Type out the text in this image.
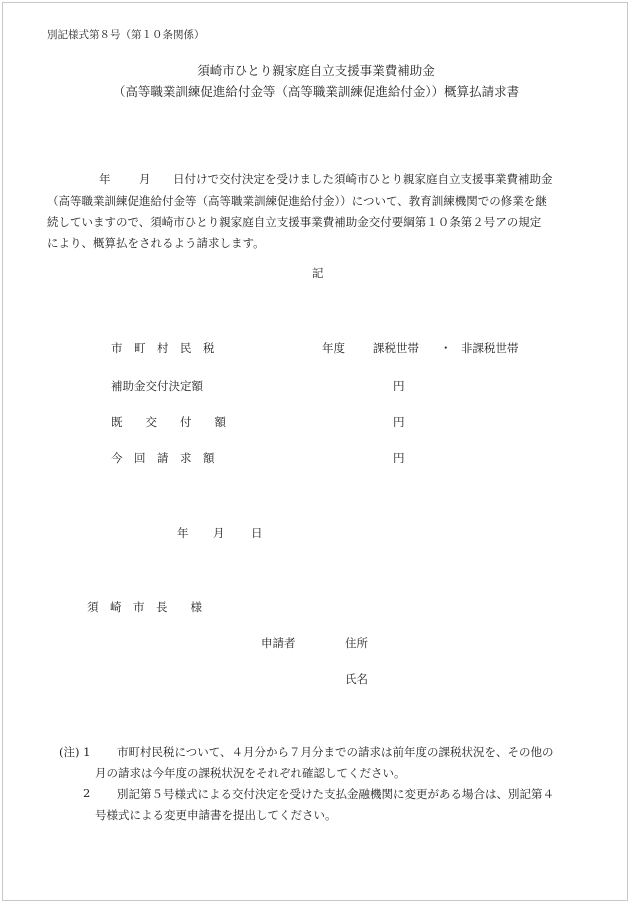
別記様式第８号（第１０条関係）
須崎市ひとり親家庭自立支援事業費補助金
（高等職業訓練促進給付金等（高等職業訓練促進給付金））概算払請求書
年 月 日付けで交付決定を受けました須崎市ひとり親家庭自立支援事業費補助金
（高等職業訓練促進給付金等（高等職業訓練促進給付金））について、教育訓練機関での修業を継
続していますので、須崎市ひとり親家庭自立支援事業費補助金交付要綱第１０条第２号アの規定
により、概算払をされるよう請求します。
記
市　町　村　民　税	年度 課税世帯 ・ 非課税世帯
補助金交付決定額	円
既　　交　　付　　額	円
今　回　請　求　額	円
年 月 日
須　崎　市　長　　様
申請者	住所
氏名
(注) 1 市町村民税について、４月分から７月分までの請求は前年度の課税状況を、その他の
月の請求は今年度の課税状況をそれぞれ確認してください。
2 別記第５号様式による交付決定を受けた支払金融機関に変更がある場合は、別記第４
号様式による変更申請書を提出してください。
